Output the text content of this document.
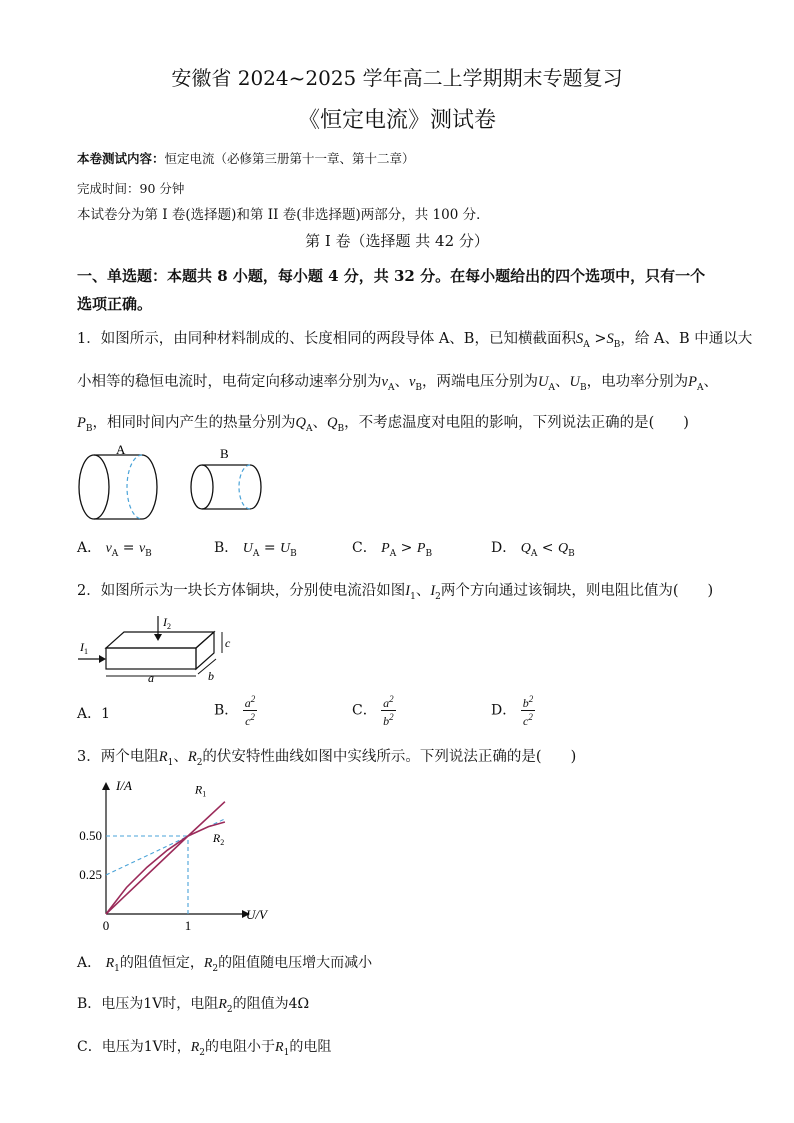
安徽省 2024~2025 学年高二上学期期末专题复习
《恒定电流》测试卷
本卷测试内容：恒定电流（必修第三册第十一章、第十二章）
完成时间：90 分钟
本试卷分为第 I 卷(选择题)和第 II 卷(非选择题)两部分，共 100 分．
第 I 卷（选择题 共 42 分）
一、单选题：本题共 8 小题，每小题 4 分，共 32 分。在每小题给出的四个选项中，只有一个
选项正确。
1．如图所示，由同种材料制成的、长度相同的两段导体 A、B，已知横截面积$S_A >S_B$，给 A、B 中通以大
小相等的稳恒电流时，电荷定向移动速率分别为$v_A$、$v_B$，两端电压分别为$U_A$、$U_B$，电功率分别为$P_A$、
$P_B$，相同时间内产生的热量分别为$Q_A$、$Q_B$，不考虑温度对电阻的影响，下列说法正确的是(　　)
A	B
A． $v_A = v_B$	B． $U_A = U_B$	C． $P_A > P_B$	D． $Q_A < Q_B$
2．如图所示为一块长方体铜块，分别使电流沿如图$I_1$、$I_2$两个方向通过该铜块，则电阻比值为(　　)
$I_2$
$I_1$
a
c
b
A．1	B． $\frac{a^2}{c^2}$	C． $\frac{a^2}{b^2}$	D． $\frac{b^2}{c^2}$
3．两个电阻$R_1$、$R_2$的伏安特性曲线如图中实线所示。下列说法正确的是(　　)
I/A
U/V
$R_1$
$R_2$
0.25
0.50
0	1
A． $R_1$的阻值恒定，$R_2$的阻值随电压增大而减小
B．电压为1V时，电阻$R_2$的阻值为4Ω
C．电压为1V时，$R_2$的电阻小于$R_1$的电阻
